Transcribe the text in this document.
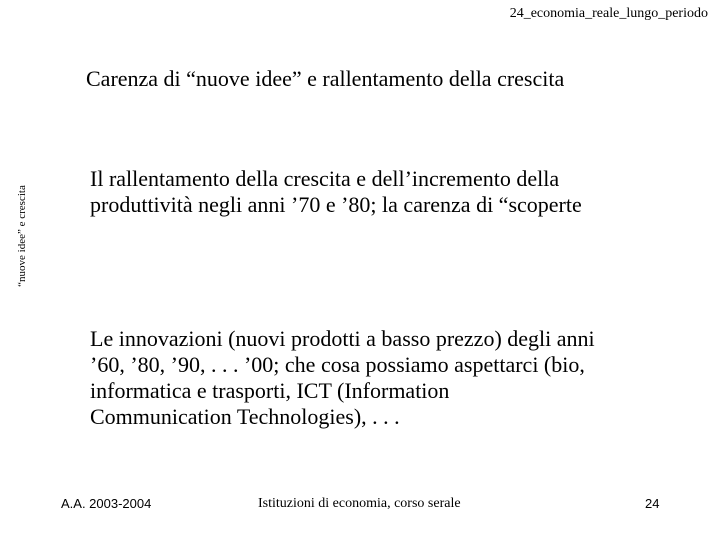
24_economia_reale_lungo_periodo
Carenza di “nuove idee” e rallentamento della crescita
“nuove idee” e crescita

Il rallentamento della crescita e dell’incremento della
produttività negli anni ’70 e ’80; la carenza di “scoperte

Le innovazioni (nuovi prodotti a basso prezzo) degli anni
’60, ’80, ’90, . . . ’00; che cosa possiamo aspettarci (bio,
informatica e trasporti, ICT (Information
Communication Technologies), . . .

A.A. 2003-2004	Istituzioni di economia, corso serale	24
